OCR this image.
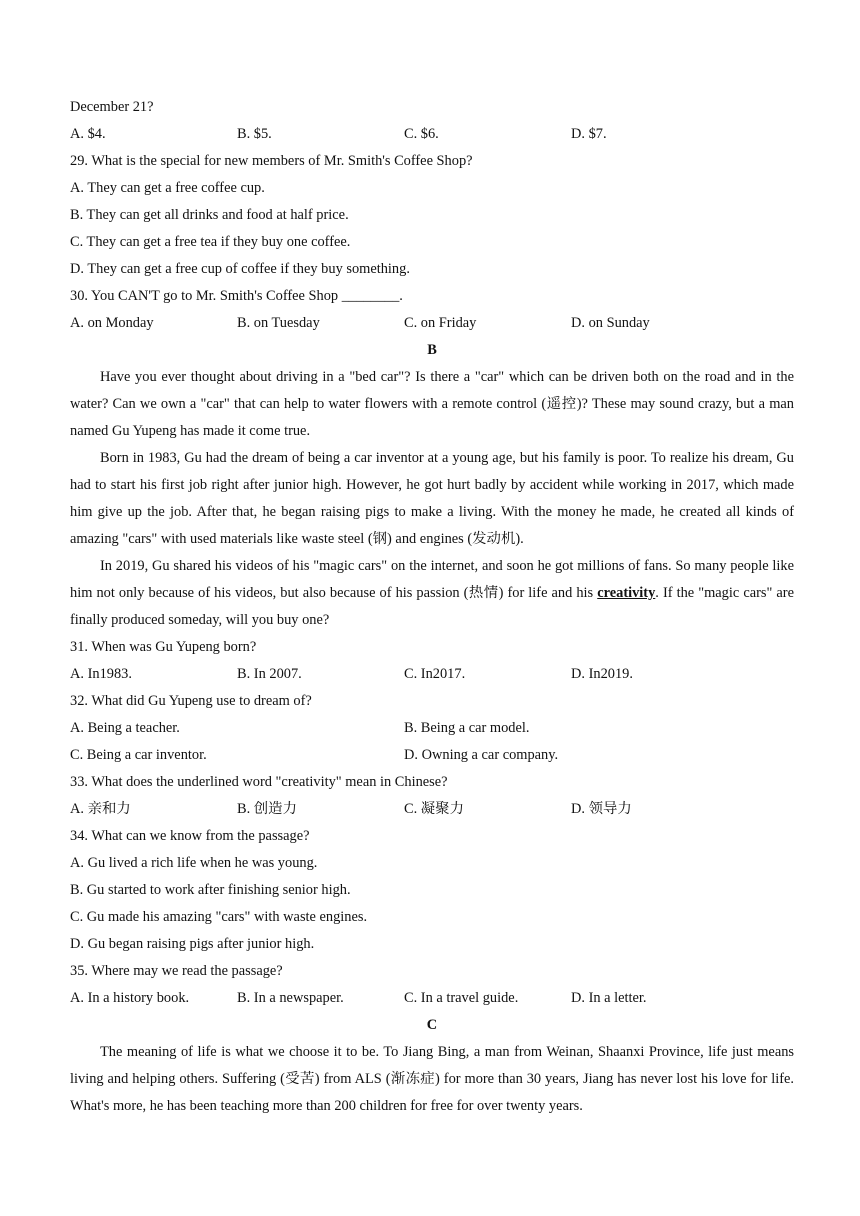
December 21?
A. $4.	B. $5.	C. $6.	D. $7.
29. What is the special for new members of Mr. Smith's Coffee Shop?
A. They can get a free coffee cup.
B. They can get all drinks and food at half price.
C. They can get a free tea if they buy one coffee.
D. They can get a free cup of coffee if they buy something.
30. You CAN'T go to Mr. Smith's Coffee Shop ________.
A. on Monday	B. on Tuesday	C. on Friday	D. on Sunday
B
Have you ever thought about driving in a "bed car"? Is there a "car" which can be driven both on the road and in the water? Can we own a "car" that can help to water flowers with a remote control (遥控)? These may sound crazy, but a man named Gu Yupeng has made it come true.
Born in 1983, Gu had the dream of being a car inventor at a young age, but his family is poor. To realize his dream, Gu had to start his first job right after junior high. However, he got hurt badly by accident while working in 2017, which made him give up the job. After that, he began raising pigs to make a living. With the money he made, he created all kinds of amazing "cars" with used materials like waste steel (钢) and engines (发动机).
In 2019, Gu shared his videos of his "magic cars" on the internet, and soon he got millions of fans. So many people like him not only because of his videos, but also because of his passion (热情) for life and his creativity. If the "magic cars" are finally produced someday, will you buy one?
31. When was Gu Yupeng born?
A. In1983.	B. In 2007.	C. In2017.	D. In2019.
32. What did Gu Yupeng use to dream of?
A. Being a teacher.	B. Being a car model.
C. Being a car inventor.	D. Owning a car company.
33. What does the underlined word "creativity" mean in Chinese?
A. 亲和力	B. 创造力	C. 凝聚力	D. 领导力
34. What can we know from the passage?
A. Gu lived a rich life when he was young.
B. Gu started to work after finishing senior high.
C. Gu made his amazing "cars" with waste engines.
D. Gu began raising pigs after junior high.
35. Where may we read the passage?
A. In a history book.	B. In a newspaper.	C. In a travel guide.	D. In a letter.
C
The meaning of life is what we choose it to be. To Jiang Bing, a man from Weinan, Shaanxi Province, life just means living and helping others. Suffering (受苦) from ALS (渐冻症) for more than 30 years, Jiang has never lost his love for life. What's more, he has been teaching more than 200 children for free for over twenty years.
